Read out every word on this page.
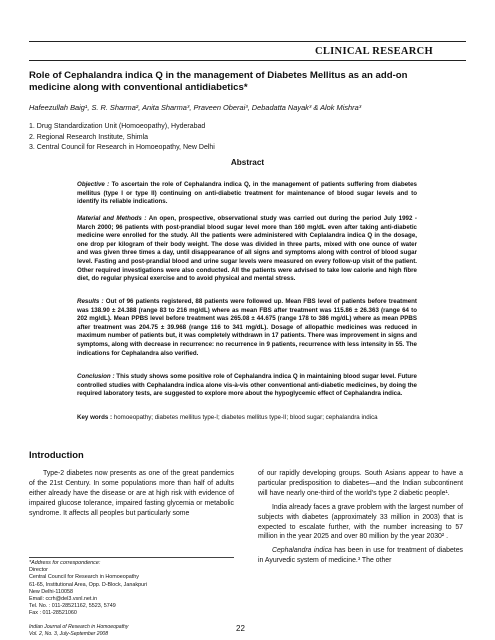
CLINICAL RESEARCH
Role of Cephalandra indica Q in the management of Diabetes Mellitus as an add-on medicine along with conventional antidiabetics*
Hafeezullah Baig¹, S. R. Sharma², Anita Sharma³, Praveen Oberai³, Debadatta Nayak³ & Alok Mishra³
1. Drug Standardization Unit (Homoeopathy), Hyderabad
2. Regional Research Institute, Shimla
3. Central Council for Research in Homoeopathy, New Delhi
Abstract
Objective : To ascertain the role of Cephalandra indica Q, in the management of patients suffering from diabetes mellitus (type I or type II) continuing on anti-diabetic treatment for maintenance of blood sugar levels and to identify its reliable indications.
Material and Methods : An open, prospective, observational study was carried out during the period July 1992 - March 2000; 96 patients with post-prandial blood sugar level more than 160 mg/dL even after taking anti-diabetic medicine were enrolled for the study. All the patients were administered with Ceplalandra indica Q in the dosage, one drop per kilogram of their body weight. The dose was divided in three parts, mixed with one ounce of water and was given three times a day, until disappearance of all signs and symptoms along with control of blood sugar level. Fasting and post-prandial blood and urine sugar levels were measured on every follow-up visit of the patient. Other required investigations were also conducted. All the patients were advised to take low calorie and high fibre diet, do regular physical exercise and to avoid physical and mental stress.
Results : Out of 96 patients registered, 88 patients were followed up. Mean FBS level of patients before treatment was 138.90 ± 24.388 (range 83 to 216 mg/dL) where as mean FBS after treatment was 115.86 ± 26.363 (range 64 to 202 mg/dL). Mean PPBS level before treatment was 265.08 ± 44.675 (range 178 to 386 mg/dL) where as mean PPBS after treatment was 204.75 ± 39.968 (range 116 to 341 mg/dL). Dosage of allopathic medicines was reduced in maximum number of patients but, it was completely withdrawn in 17 patients. There was improvement in signs and symptoms, along with decrease in recurrence: no recurrence in 9 patients, recurrence with less intensity in 55. The indications for Cephalandra also verified.
Conclusion : This study shows some positive role of Cephalandra indica Q in maintaining blood sugar level. Future controlled studies with Cephalandra indica alone vis-à-vis other conventional anti-diabetic medicines, by doing the required laboratory tests, are suggested to explore more about the hypoglycemic effect of Cephalandra indica.
Key words : homoeopathy; diabetes mellitus type-I; diabetes mellitus type-II; blood sugar; cephalandra indica
Introduction

Type-2 diabetes now presents as one of the great pandemics of the 21st Century. In some populations more than half of adults either already have the disease or are at high risk with evidence of impaired glucose tolerance, impaired fasting glycemia or metabolic syndrome. It affects all peoples but particularly some

of our rapidly developing groups. South Asians appear to have a particular predisposition to diabetes—and the Indian subcontinent will have nearly one-third of the world's type 2 diabetic people¹.

India already faces a grave problem with the largest number of subjects with diabetes (approximately 33 million in 2003) that is expected to escalate further, with the number increasing to 57 million in the year 2025 and over 80 million by the year 2030² .

Cephalandra indica has been in use for treatment of diabetes in Ayurvedic system of medicine.³ The other

*Address for correspondence:
Director
Central Council for Research in Homoeopathy
61-65, Institutional Area, Opp. D-Block, Janakpuri
New Delhi-110058
Email: ccrh@del3.vsnl.net.in
Tel. No. : 011-28521162, 5523, 5749
Fax : 011-28521060
Indian Journal of Research in Homoeopathy
Vol. 2, No. 3, July-September 2008
22
